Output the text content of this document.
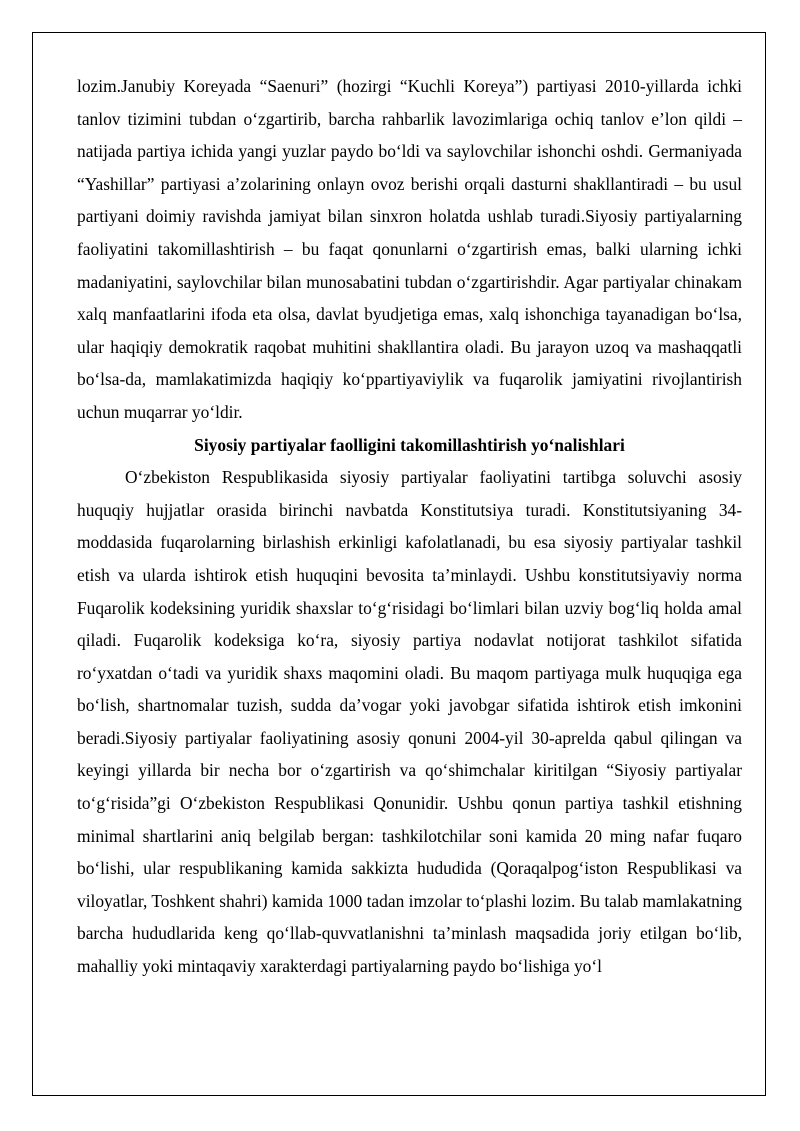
lozim.Janubiy Koreyada “Saenuri” (hozirgi “Kuchli Koreya”) partiyasi 2010-yillarda ichki tanlov tizimini tubdan o‘zgartirib, barcha rahbarlik lavozimlariga ochiq tanlov e’lon qildi – natijada partiya ichida yangi yuzlar paydo bo‘ldi va saylovchilar ishonchi oshdi. Germaniyada “Yashillar” partiyasi a’zolarining onlayn ovoz berishi orqali dasturni shakllantiradi – bu usul partiyani doimiy ravishda jamiyat bilan sinxron holatda ushlab turadi.Siyosiy partiyalarning faoliyatini takomillashtirish – bu faqat qonunlarni o‘zgartirish emas, balki ularning ichki madaniyatini, saylovchilar bilan munosabatini tubdan o‘zgartirishdir. Agar partiyalar chinakam xalq manfaatlarini ifoda eta olsa, davlat byudjetiga emas, xalq ishonchiga tayanadigan bo‘lsa, ular haqiqiy demokratik raqobat muhitini shakllantira oladi. Bu jarayon uzoq va mashaqqatli bo‘lsa-da, mamlakatimizda haqiqiy ko‘ppartiyaviylik va fuqarolik jamiyatini rivojlantirish uchun muqarrar yo‘ldir.

Siyosiy partiyalar faolligini takomillashtirish yo‘nalishlari

O‘zbekiston Respublikasida siyosiy partiyalar faoliyatini tartibga soluvchi asosiy huquqiy hujjatlar orasida birinchi navbatda Konstitutsiya turadi. Konstitutsiyaning 34-moddasida fuqarolarning birlashish erkinligi kafolatlanadi, bu esa siyosiy partiyalar tashkil etish va ularda ishtirok etish huquqini bevosita ta’minlaydi. Ushbu konstitutsiyaviy norma Fuqarolik kodeksining yuridik shaxslar to‘g‘risidagi bo‘limlari bilan uzviy bog‘liq holda amal qiladi. Fuqarolik kodeksiga ko‘ra, siyosiy partiya nodavlat notijorat tashkilot sifatida ro‘yxatdan o‘tadi va yuridik shaxs maqomini oladi. Bu maqom partiyaga mulk huquqiga ega bo‘lish, shartnomalar tuzish, sudda da’vogar yoki javobgar sifatida ishtirok etish imkonini beradi.Siyosiy partiyalar faoliyatining asosiy qonuni 2004-yil 30-aprelda qabul qilingan va keyingi yillarda bir necha bor o‘zgartirish va qo‘shimchalar kiritilgan “Siyosiy partiyalar to‘g‘risida”gi O‘zbekiston Respublikasi Qonunidir. Ushbu qonun partiya tashkil etishning minimal shartlarini aniq belgilab bergan: tashkilotchilar soni kamida 20 ming nafar fuqaro bo‘lishi, ular respublikaning kamida sakkizta hududida (Qoraqalpog‘iston Respublikasi va viloyatlar, Toshkent shahri) kamida 1000 tadan imzolar to‘plashi lozim. Bu talab mamlakatning barcha hududlarida keng qo‘llab-quvvatlanishni ta’minlash maqsadida joriy etilgan bo‘lib, mahalliy yoki mintaqaviy xarakterdagi partiyalarning paydo bo‘lishiga yo‘l
